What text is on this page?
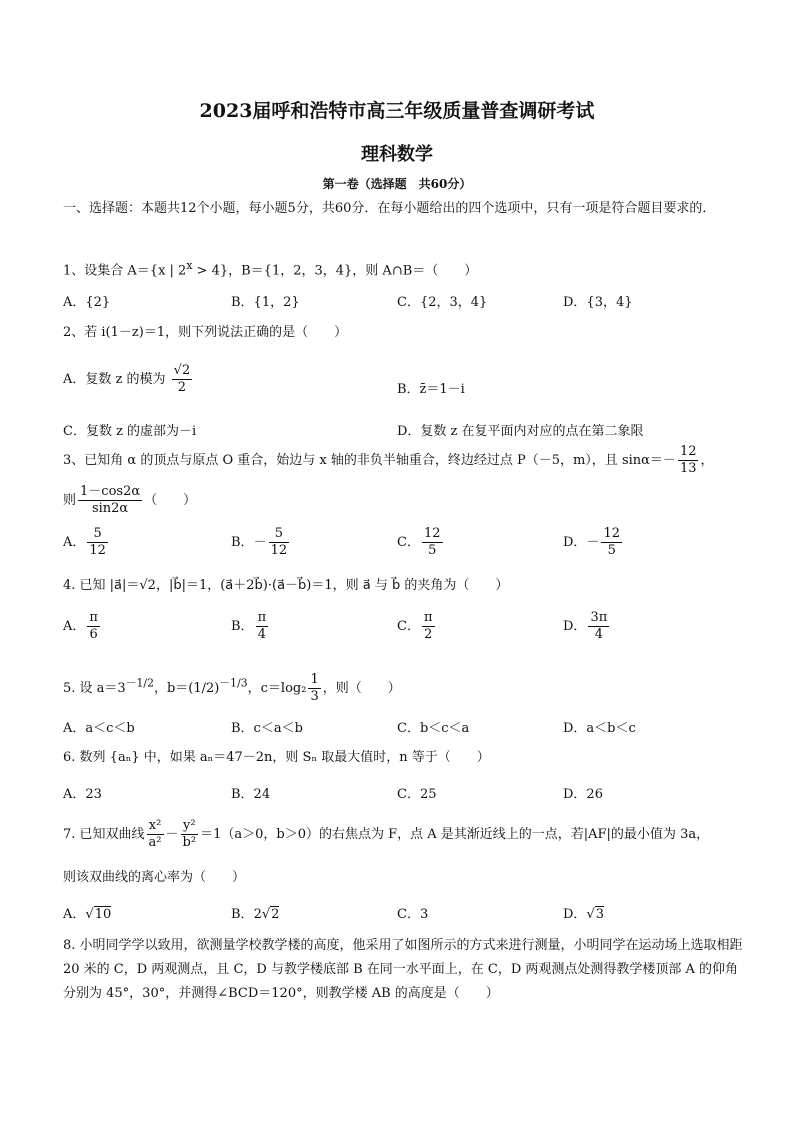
2023届呼和浩特市高三年级质量普查调研考试
理科数学
第一卷（选择题　共60分）
一、选择题：本题共12个小题，每小题5分，共60分．在每小题给出的四个选项中，只有一项是符合题目要求的．
1、设集合 A＝{x | $2^x > 4$}，B＝{1，2，3，4}，则 A∩B＝（　　）
A．{2}	B．{1，2}	C．{2，3，4}	D．{3，4}
2、若 i(1－z)＝1，则下列说法正确的是（　　）
A．复数 z 的模为 $\frac{√2}{2}$	B．z̄＝1－i
C．复数 z 的虚部为－i	D．复数 z 在复平面内对应的点在第二象限
3、已知角 α 的顶点与原点 O 重合，始边与 x 轴的非负半轴重合，终边经过点 P（－5，m），且 $\sin\alpha=- \frac{12}{13}$ ，
则 $\frac{1-\cos 2\alpha}{\sin 2\alpha}$ （　　）
A． $\frac{5}{12}$	B．－ $\frac{5}{12}$	C． $\frac{12}{5}$	D．－ $\frac{12}{5}$
4. 已知 |a⃗|＝√2，|b⃗|＝1，(a⃗＋2b⃗)·(a⃗－b⃗)＝1，则 a⃗ 与 b⃗ 的夹角为（　　）
A． $\frac{\pi}{6}$	B． $\frac{\pi}{4}$	C． $\frac{\pi}{2}$	D． $\frac{3\pi}{4}$
5. 设 $a=3^{-1/2}$，$b=(1/2)^{-1/3}$，$c=\log_2 \frac{1}{3}$ ，则（　　）
A．a＜c＜b	B．c＜a＜b	C．b＜c＜a	D．a＜b＜c
6. 数列 {aₙ} 中，如果 aₙ＝47－2n，则 Sₙ 取最大值时，n 等于（　　）
A．23	B．24	C．25	D．26
7. 已知双曲线 $\frac{\text{x²}}{\text{a²}} - \frac{\text{y²}}{\text{b²}} =1(a>0$，b＞0）的右焦点为 F，点 A 是其渐近线上的一点，若|AF|的最小值为 3a，
则该双曲线的离心率为（　　）
A．√10	B．2√2	C．3	D．√3
8. 小明同学学以致用，欲测量学校教学楼的高度，他采用了如图所示的方式来进行测量，小明同学在运动场上选取相距 20 米的 C，D 两观测点，且 C，D 与教学楼底部 B 在同一水平面上，在 C，D 两观测点处测得教学楼顶部 A 的仰角分别为 45°，30°，并测得∠BCD＝120°，则教学楼 AB 的高度是（　　）
